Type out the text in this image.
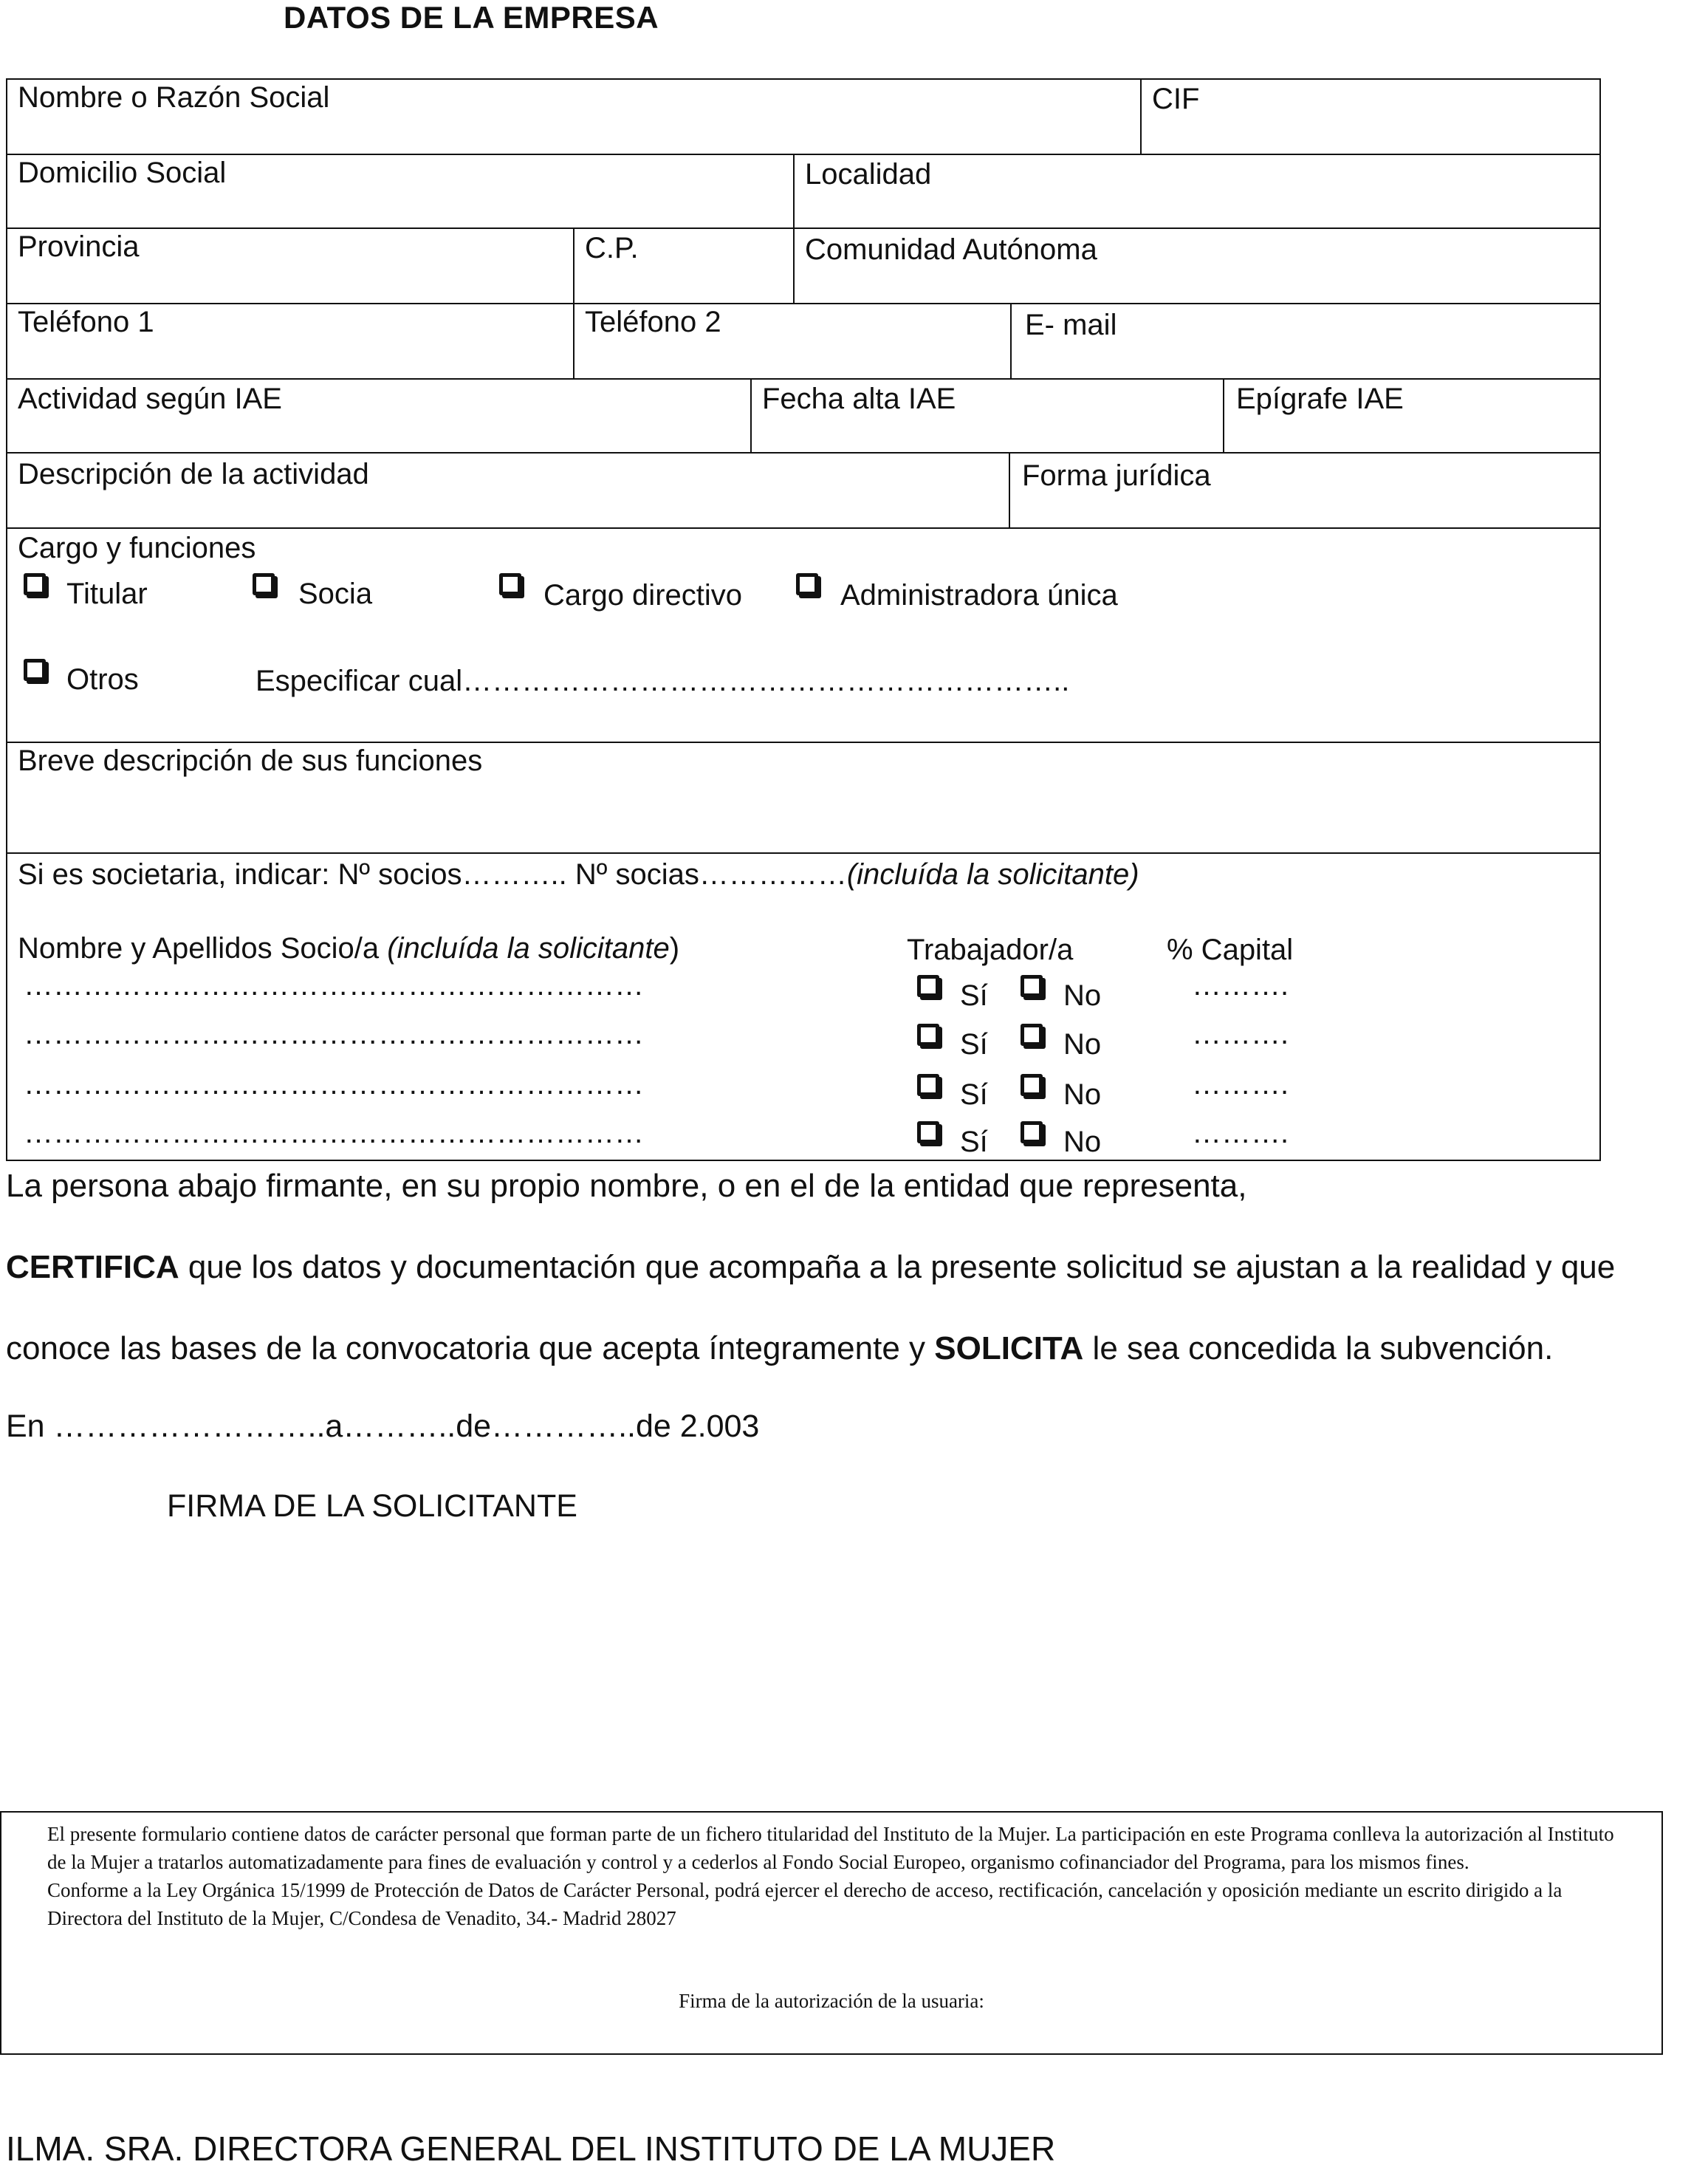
DATOS DE LA EMPRESA
Nombre o Razón Social	CIF
Domicilio Social	Localidad
Provincia	C.P.	Comunidad Autónoma
Teléfono 1	Teléfono 2	E- mail
Actividad según IAE	Fecha alta IAE	Epígrafe IAE
Descripción de la actividad	Forma jurídica
Cargo y funciones
Titular	Socia	Cargo directivo	Administradora única
Otros	Especificar cual……………………………………………………..
Breve descripción de sus funciones
Si es societaria, indicar: Nº socios……….. Nº socias……………(incluída la solicitante)
Nombre y Apellidos Socio/a (incluída la solicitante)	Trabajador/a	% Capital
………………………………………………………	Sí	No	……….
………………………………………………………	Sí	No	……….
………………………………………………………	Sí	No	……….
………………………………………………………	Sí	No	……….
La persona abajo firmante, en su propio nombre, o en el de la entidad que representa,
CERTIFICA que los datos y documentación que acompaña a la presente solicitud se ajustan a la realidad y que
conoce las bases de la convocatoria que acepta íntegramente y SOLICITA le sea concedida la subvención.
En ……………………..a………..de…………..de 2.003
FIRMA DE LA SOLICITANTE

El presente formulario contiene datos de carácter personal que forman parte de un fichero titularidad del Instituto de la Mujer. La participación en este Programa conlleva la autorización al Instituto de la Mujer a tratarlos automatizadamente para fines de evaluación y control y a cederlos al Fondo Social Europeo, organismo cofinanciador del Programa, para los mismos fines.

Conforme a la Ley Orgánica 15/1999 de Protección de Datos de Carácter Personal, podrá ejercer el derecho de acceso, rectificación, cancelación y oposición mediante un escrito dirigido a la Directora del Instituto de la Mujer, C/Condesa de Venadito, 34.- Madrid 28027

Firma de la autorización de la usuaria:
ILMA. SRA. DIRECTORA GENERAL DEL INSTITUTO DE LA MUJER
